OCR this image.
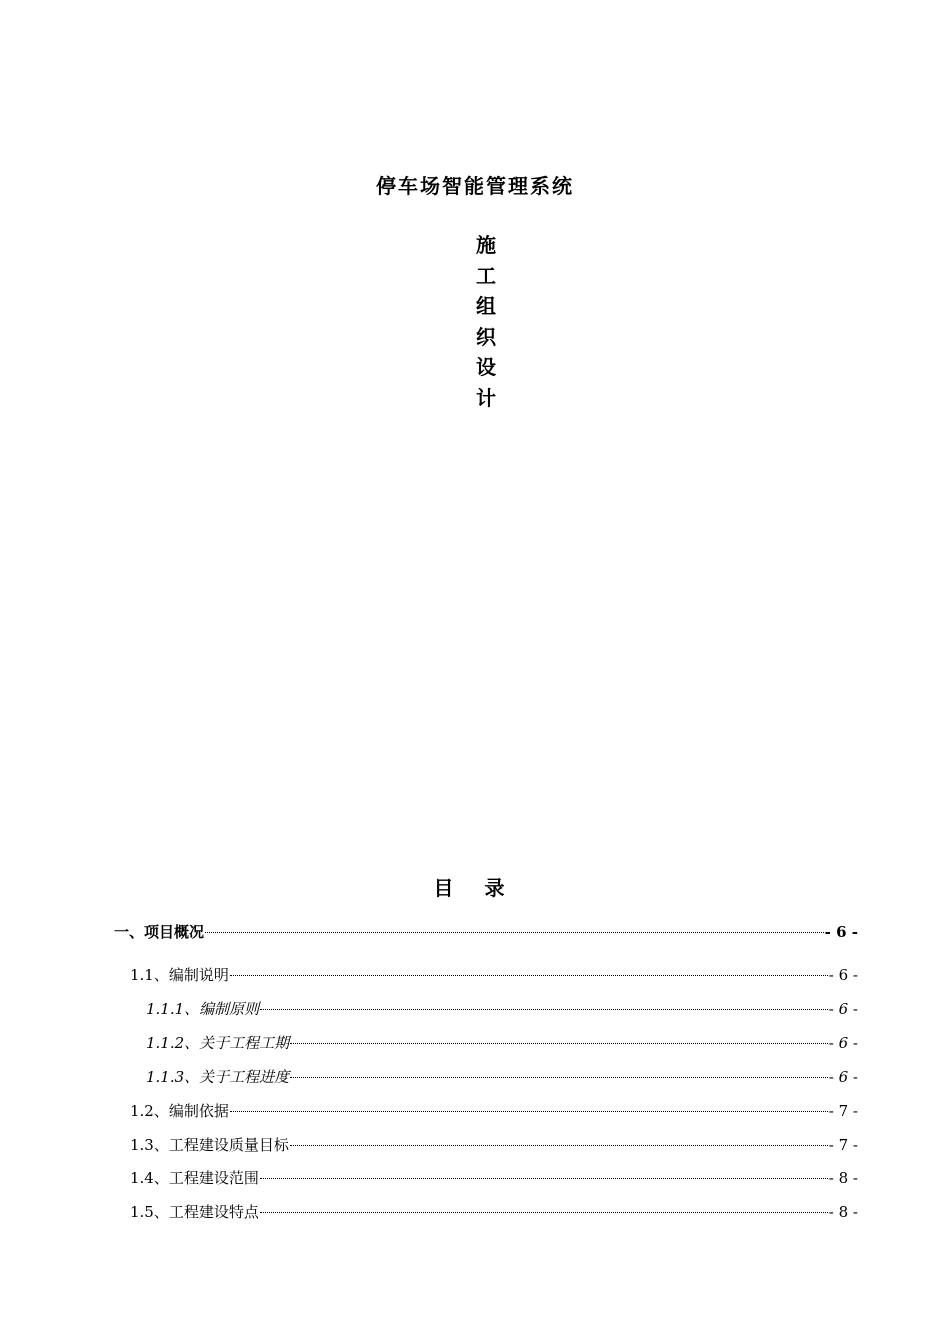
停车场智能管理系统
施
工
组
织
设
计
目 录
一、项目概况	- 6 -
1.1、编制说明	- 6 -
1.1.1、编制原则	- 6 -
1.1.2、关于工程工期	- 6 -
1.1.3、关于工程进度	- 6 -
1.2、编制依据	- 7 -
1.3、工程建设质量目标	- 7 -
1.4、工程建设范围	- 8 -
1.5、工程建设特点	- 8 -
